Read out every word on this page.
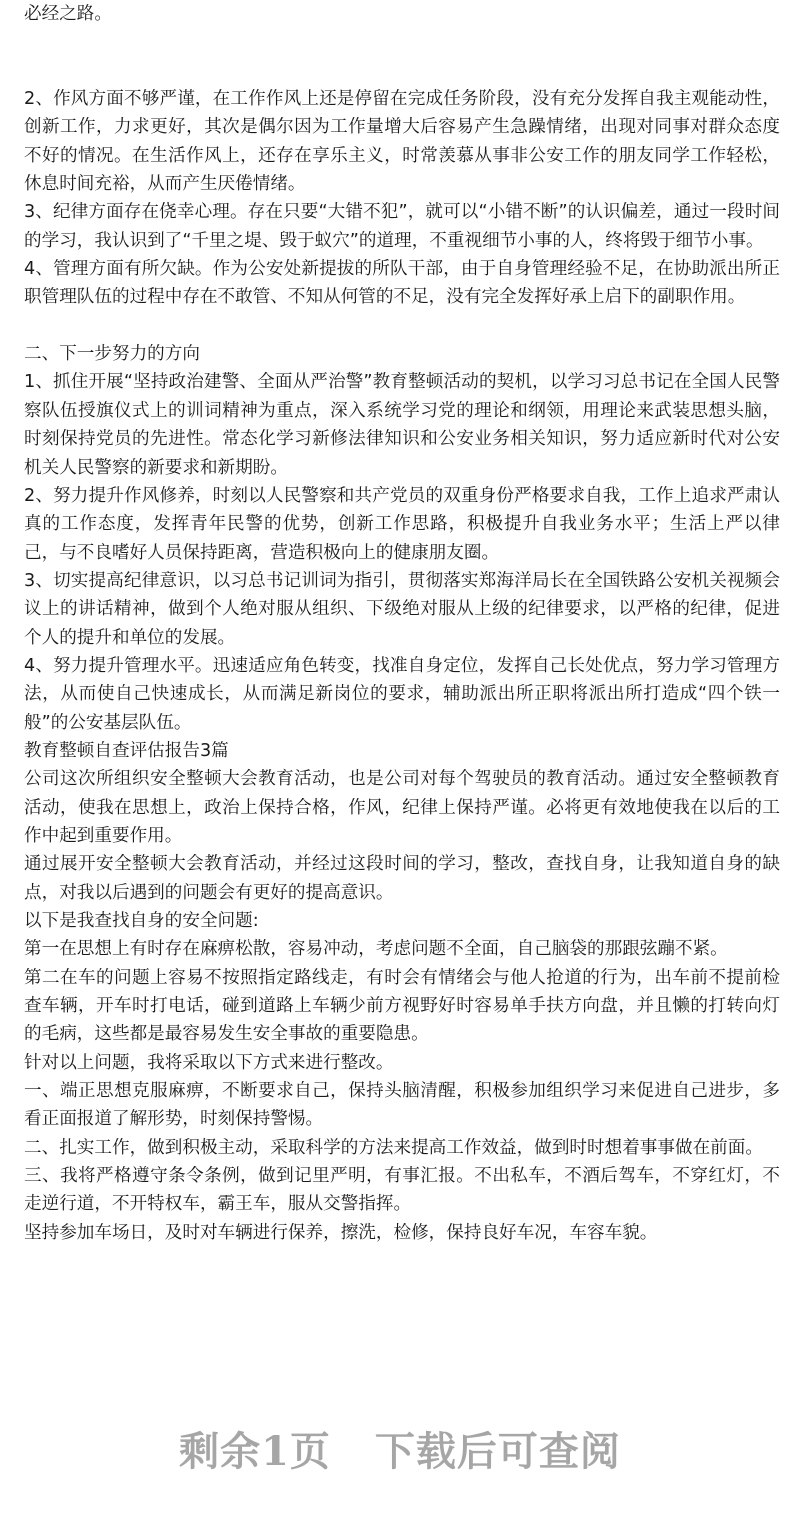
必经之路。

2、作风方面不够严谨，在工作作风上还是停留在完成任务阶段，没有充分发挥自我主观能动性，创新工作，力求更好，其次是偶尔因为工作量增大后容易产生急躁情绪，出现对同事对群众态度不好的情况。在生活作风上，还存在享乐主义，时常羡慕从事非公安工作的朋友同学工作轻松，休息时间充裕，从而产生厌倦情绪。

3、纪律方面存在侥幸心理。存在只要“大错不犯”，就可以“小错不断”的认识偏差，通过一段时间的学习，我认识到了“千里之堤、毁于蚁穴”的道理，不重视细节小事的人，终将毁于细节小事。

4、管理方面有所欠缺。作为公安处新提拔的所队干部，由于自身管理经验不足，在协助派出所正职管理队伍的过程中存在不敢管、不知从何管的不足，没有完全发挥好承上启下的副职作用。

二、下一步努力的方向

1、抓住开展“坚持政治建警、全面从严治警”教育整顿活动的契机，以学习习总书记在全国人民警察队伍授旗仪式上的训词精神为重点，深入系统学习党的理论和纲领，用理论来武装思想头脑，时刻保持党员的先进性。常态化学习新修法律知识和公安业务相关知识，努力适应新时代对公安机关人民警察的新要求和新期盼。

2、努力提升作风修养，时刻以人民警察和共产党员的双重身份严格要求自我，工作上追求严肃认真的工作态度，发挥青年民警的优势，创新工作思路，积极提升自我业务水平；生活上严以律己，与不良嗜好人员保持距离，营造积极向上的健康朋友圈。

3、切实提高纪律意识，以习总书记训词为指引，贯彻落实郑海洋局长在全国铁路公安机关视频会议上的讲话精神，做到个人绝对服从组织、下级绝对服从上级的纪律要求，以严格的纪律，促进个人的提升和单位的发展。

4、努力提升管理水平。迅速适应角色转变，找准自身定位，发挥自己长处优点，努力学习管理方法，从而使自己快速成长，从而满足新岗位的要求，辅助派出所正职将派出所打造成“四个铁一般”的公安基层队伍。

教育整顿自查评估报告3篇

公司这次所组织安全整顿大会教育活动，也是公司对每个驾驶员的教育活动。通过安全整顿教育活动，使我在思想上，政治上保持合格，作风，纪律上保持严谨。必将更有效地使我在以后的工作中起到重要作用。

通过展开安全整顿大会教育活动，并经过这段时间的学习，整改，查找自身，让我知道自身的缺点，对我以后遇到的问题会有更好的提高意识。

以下是我查找自身的安全问题:

第一在思想上有时存在麻痹松散，容易冲动，考虑问题不全面，自己脑袋的那跟弦蹦不紧。

第二在车的问题上容易不按照指定路线走，有时会有情绪会与他人抢道的行为，出车前不提前检查车辆，开车时打电话，碰到道路上车辆少前方视野好时容易单手扶方向盘，并且懒的打转向灯的毛病，这些都是最容易发生安全事故的重要隐患。

针对以上问题，我将采取以下方式来进行整改。

一、端正思想克服麻痹，不断要求自己，保持头脑清醒，积极参加组织学习来促进自己进步，多看正面报道了解形势，时刻保持警惕。

二、扎实工作，做到积极主动，采取科学的方法来提高工作效益，做到时时想着事事做在前面。

三、我将严格遵守条令条例，做到记里严明，有事汇报。不出私车，不酒后驾车，不穿红灯，不走逆行道，不开特权车，霸王车，服从交警指挥。

坚持参加车场日，及时对车辆进行保养，擦洗，检修，保持良好车况，车容车貌。

剩余1页 下载后可查阅
